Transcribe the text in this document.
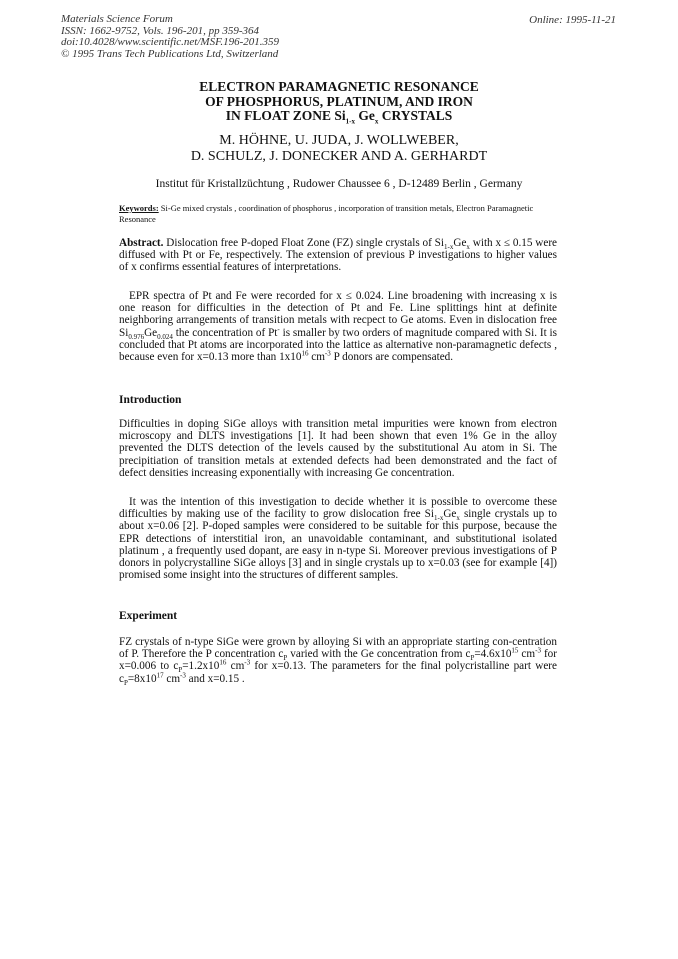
Materials Science Forum
ISSN: 1662-9752, Vols. 196-201, pp 359-364
doi:10.4028/www.scientific.net/MSF.196-201.359
© 1995 Trans Tech Publications Ltd, Switzerland
Online: 1995-11-21
ELECTRON PARAMAGNETIC RESONANCE
OF PHOSPHORUS, PLATINUM, AND IRON
IN FLOAT ZONE $Si_{1-x}$ $Ge_x$ CRYSTALS
M. HÖHNE, U. JUDA, J. WOLLWEBER,
D. SCHULZ, J. DONECKER AND A. GERHARDT
Institut für Kristallzüchtung , Rudower Chaussee 6 , D-12489 Berlin , Germany
Keywords: Si-Ge mixed crystals , coordination of phosphorus , incorporation of transition metals, Electron Paramagnetic Resonance
Abstract. Dislocation free P-doped Float Zone (FZ) single crystals of $Si_{1-x}Ge_x$ with x ≤ 0.15 were diffused with Pt or Fe, respectively. The extension of previous P investigations to higher values of x confirms essential features of interpretations.
EPR spectra of Pt and Fe were recorded for x ≤ 0.024. Line broadening with increasing x is one reason for difficulties in the detection of Pt and Fe. Line splittings hint at definite neighboring arrangements of transition metals with recpect to Ge atoms. Even in dislocation free $Si_{0.976}Ge_{0.024}$ the concentration of Pt- is smaller by two orders of magnitude compared with Si. It is concluded that Pt atoms are incorporated into the lattice as alternative non-paramagnetic defects , because even for x=0.13 more than $1x10^{16}$ $cm^{-3}$ P donors are compensated.
Introduction
Difficulties in doping SiGe alloys with transition metal impurities were known from electron microscopy and DLTS investigations [1]. It had been shown that even 1% Ge in the alloy prevented the DLTS detection of the levels caused by the substitutional Au atom in Si. The precipitiation of transition metals at extended defects had been demonstrated and the fact of defect densities increasing exponentially with increasing Ge concentration.
It was the intention of this investigation to decide whether it is possible to overcome these difficulties by making use of the facility to grow dislocation free $Si_{1-x}Ge_x$ single crystals up to about x=0.06 [2]. P-doped samples were considered to be suitable for this purpose, because the EPR detections of interstitial iron, an unavoidable contaminant, and substitutional isolated platinum , a frequently used dopant, are easy in n-type Si. Moreover previous investigations of P donors in polycrystalline SiGe alloys [3] and in single crystals up to x=0.03 (see for example [4]) promised some insight into the structures of different samples.
Experiment
FZ crystals of n-type SiGe were grown by alloying Si with an appropriate starting con-centration of P. Therefore the P concentration $c_P$ varied with the Ge concentration from $c_P=4.6x10^{15}$ $cm^{-3}$ for x=0.006 to $c_P=1.2x10^{16}$ $cm^{-3}$ for x=0.13. The parameters for the final polycristalline part were $c_P=8x10^{17}$ $cm^{-3}$ and x=0.15 .
